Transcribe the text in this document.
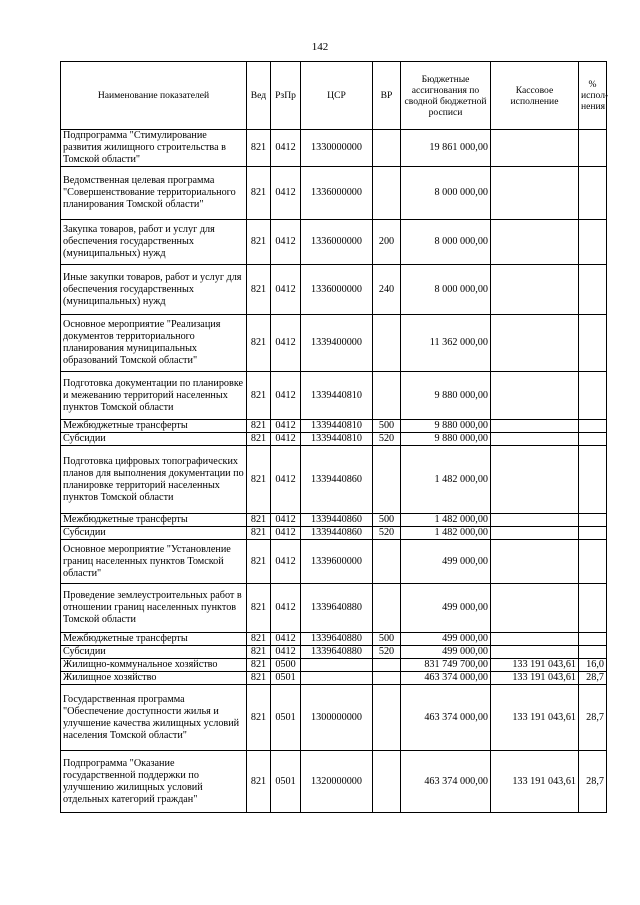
142
Наименование показателей	Вед	РзПр	ЦСР	ВР	Бюджетные ассигнования по сводной бюджетной росписи	Кассовое исполнение	% испол-нения
Подпрограмма "Стимулирование развития жилищного строительства в Томской области"	821	0412	1330000000		19 861 000,00		
Ведомственная целевая программа "Совершенствование территориального планирования Томской области"	821	0412	1336000000		8 000 000,00		
Закупка товаров, работ и услуг для обеспечения государственных (муниципальных) нужд	821	0412	1336000000	200	8 000 000,00		
Иные закупки товаров, работ и услуг для обеспечения государственных (муниципальных) нужд	821	0412	1336000000	240	8 000 000,00		
Основное мероприятие "Реализация документов территориального планирования муниципальных образований Томской области"	821	0412	1339400000		11 362 000,00		
Подготовка документации по планировке и межеванию территорий населенных пунктов Томской области	821	0412	1339440810		9 880 000,00		
Межбюджетные трансферты	821	0412	1339440810	500	9 880 000,00		
Субсидии	821	0412	1339440810	520	9 880 000,00		
Подготовка цифровых топографических планов для выполнения документации по планировке территорий населенных пунктов Томской области	821	0412	1339440860		1 482 000,00		
Межбюджетные трансферты	821	0412	1339440860	500	1 482 000,00		
Субсидии	821	0412	1339440860	520	1 482 000,00		
Основное мероприятие "Установление границ населенных пунктов Томской области"	821	0412	1339600000		499 000,00		
Проведение землеустроительных работ в отношении границ населенных пунктов Томской области	821	0412	1339640880		499 000,00		
Межбюджетные трансферты	821	0412	1339640880	500	499 000,00		
Субсидии	821	0412	1339640880	520	499 000,00		
Жилищно-коммунальное хозяйство	821	0500			831 749 700,00	133 191 043,61	16,0
Жилищное хозяйство	821	0501			463 374 000,00	133 191 043,61	28,7
Государственная программа "Обеспечение доступности жилья и улучшение качества жилищных условий населения Томской области"	821	0501	1300000000		463 374 000,00	133 191 043,61	28,7
Подпрограмма "Оказание государственной поддержки по улучшению жилищных условий отдельных категорий граждан"	821	0501	1320000000		463 374 000,00	133 191 043,61	28,7
